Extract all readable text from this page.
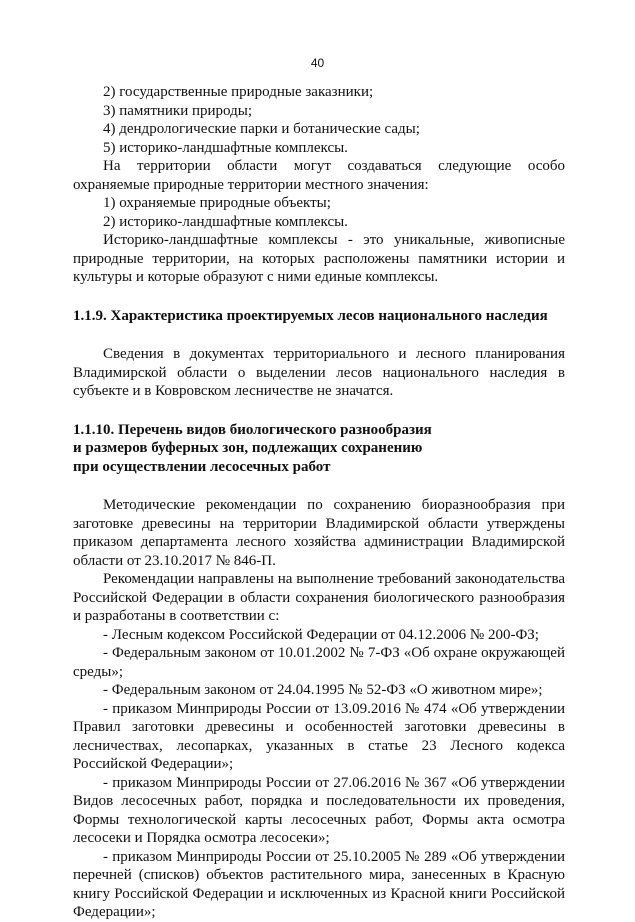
40

2) государственные природные заказники;

3) памятники природы;

4) дендрологические парки и ботанические сады;

5) историко-ландшафтные комплексы.

На территории области могут создаваться следующие особо охраняемые природные территории местного значения:

1) охраняемые природные объекты;

2) историко-ландшафтные комплексы.

Историко-ландшафтные комплексы - это уникальные, живописные природные территории, на которых расположены памятники истории и культуры и которые образуют с ними единые комплексы.

1.1.9. Характеристика проектируемых лесов национального наследия

Сведения в документах территориального и лесного планирования Владимирской области о выделении лесов национального наследия в субъекте и в Ковровском лесничестве не значатся.

1.1.10. Перечень видов биологического разнообразия
и размеров буферных зон, подлежащих сохранению
при осуществлении лесосечных работ

Методические рекомендации по сохранению биоразнообразия при заготовке древесины на территории Владимирской области утверждены приказом департамента лесного хозяйства администрации Владимирской области от 23.10.2017 № 846-П.

Рекомендации направлены на выполнение требований законодательства Российской Федерации в области сохранения биологического разнообразия и разработаны в соответствии с:

- Лесным кодексом Российской Федерации от 04.12.2006 № 200-ФЗ;

- Федеральным законом от 10.01.2002 № 7-ФЗ «Об охране окружающей среды»;

- Федеральным законом от 24.04.1995 № 52-ФЗ «О животном мире»;

- приказом Минприроды России от 13.09.2016 № 474 «Об утверждении Правил заготовки древесины и особенностей заготовки древесины в лесничествах, лесопарках, указанных в статье 23 Лесного кодекса Российской Федерации»;

- приказом Минприроды России от 27.06.2016 № 367 «Об утверждении Видов лесосечных работ, порядка и последовательности их проведения, Формы технологической карты лесосечных работ, Формы акта осмотра лесосеки и Порядка осмотра лесосеки»;

- приказом Минприроды России от 25.10.2005 № 289 «Об утверждении перечней (списков) объектов растительного мира, занесенных в Красную книгу Российской Федерации и исключенных из Красной книги Российской Федерации»;
